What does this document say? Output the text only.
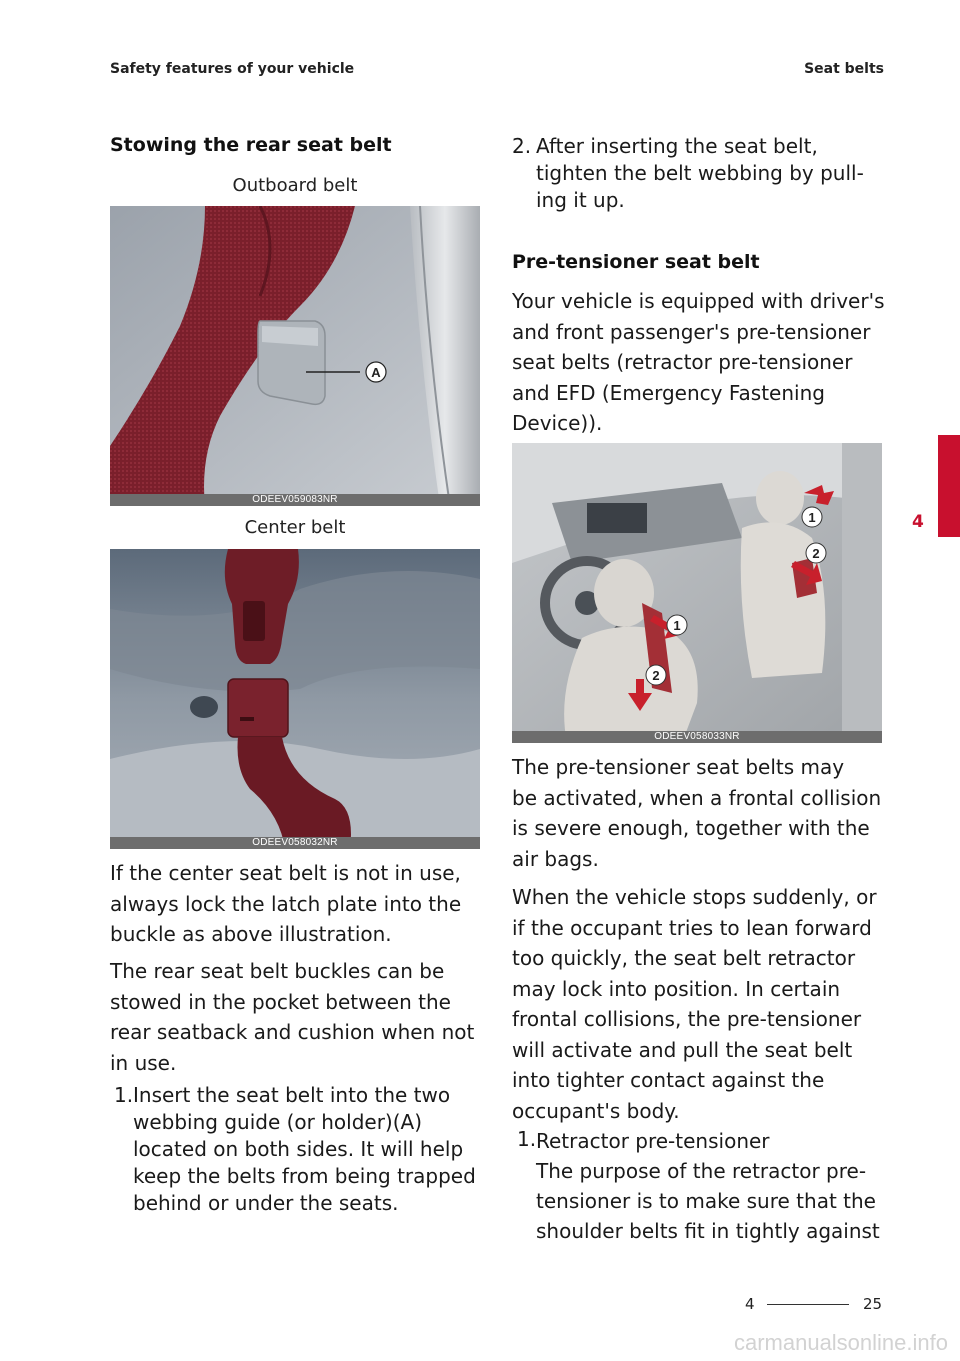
Safety features of your vehicle	Seat belts
Stowing the rear seat belt
Outboard belt
A
ODEEV059083NR
Center belt
ODEEV058032NR
If the center seat belt is not in use,
always lock the latch plate into the
buckle as above illustration.
The rear seat belt buckles can be
stowed in the pocket between the
rear seatback and cushion when not
in use.
1. Insert the seat belt into the two
webbing guide (or holder)(A)
located on both sides. It will help
keep the belts from being trapped
behind or under the seats.
2. After inserting the seat belt,
tighten the belt webbing by pull-
ing it up.
Pre-tensioner seat belt
Your vehicle is equipped with driver's
and front passenger's pre-tensioner
seat belts (retractor pre-tensioner
and EFD (Emergency Fastening
Device)).
1
2
1
2
ODEEV058033NR
The pre-tensioner seat belts may
be activated, when a frontal collision
is severe enough, together with the
air bags.
When the vehicle stops suddenly, or
if the occupant tries to lean forward
too quickly, the seat belt retractor
may lock into position. In certain
frontal collisions, the pre-tensioner
will activate and pull the seat belt
into tighter contact against the
occupant's body.
1. Retractor pre-tensioner
The purpose of the retractor pre-
tensioner is to make sure that the
shoulder belts fit in tightly against
4
4	25
carmanualsonline.info
